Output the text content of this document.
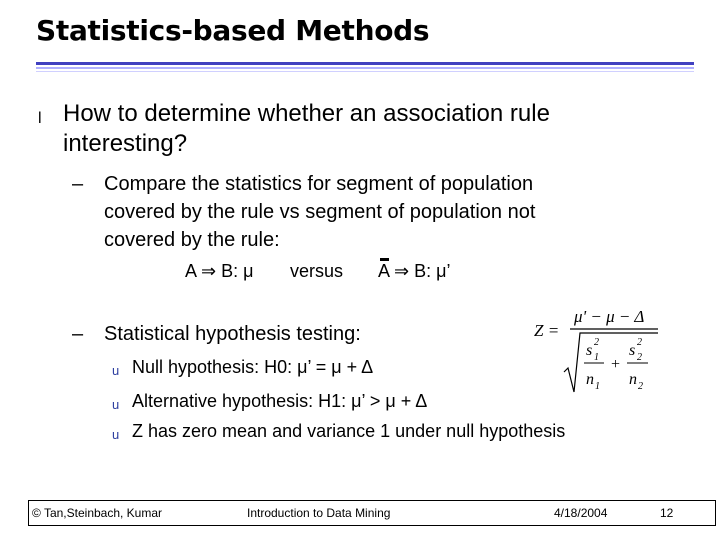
Statistics-based Methods
l How to determine whether an association rule
interesting?
– Compare the statistics for segment of population
covered by the rule vs segment of population not
covered by the rule:
A ⇒ B: μ versus A ⇒ B: μ’
– Statistical hypothesis testing:
u Null hypothesis: H0: μ’ = μ + Δ
u Alternative hypothesis: H1: μ’ > μ + Δ
u Z has zero mean and variance 1 under null hypothesis
Z =
μ' − μ − Δ
s 2
1
n 1
+
s 2
2
n 2
© Tan,Steinbach, Kumar	Introduction to Data Mining	4/18/2004	12
